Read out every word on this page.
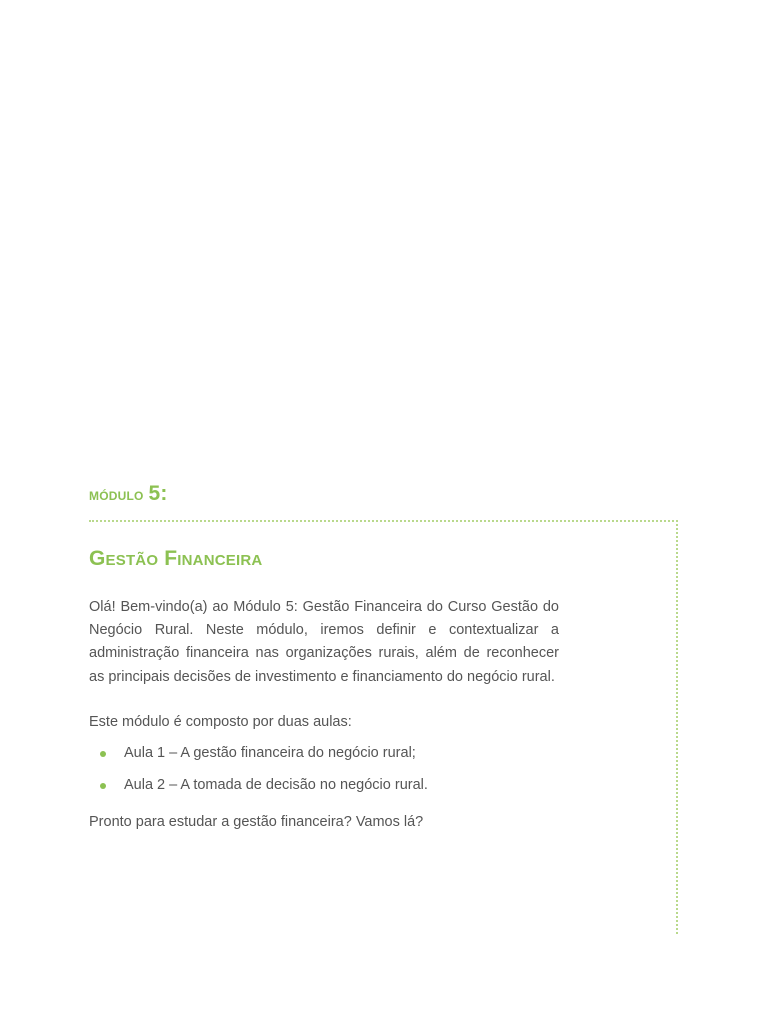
módulo 5:
Gestão Financeira

Olá! Bem-vindo(a) ao Módulo 5: Gestão Financeira do Curso Gestão do Negócio Rural. Neste módulo, iremos definir e contextualizar a administração financeira nas organizações rurais, além de reconhecer as principais decisões de investimento e financiamento do negócio rural.

Este módulo é composto por duas aulas:

Aula 1 – A gestão financeira do negócio rural;
Aula 2 – A tomada de decisão no negócio rural.

Pronto para estudar a gestão financeira? Vamos lá?
